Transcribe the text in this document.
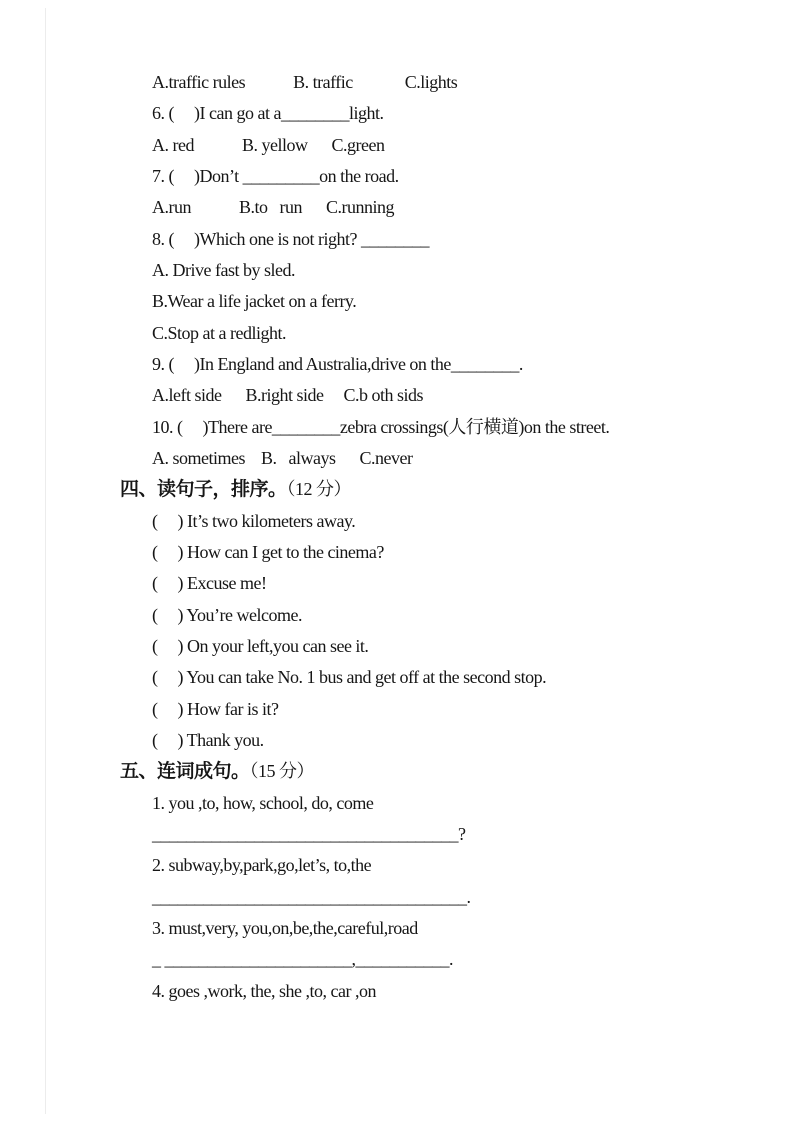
A.traffic rules            B. traffic             C.lights
6. (     )I can go at a________light.
A. red            B. yellow      C.green
7. (     )Don’t _________on the road.
A.run            B.to   run      C.running
8. (     )Which one is not right? ________
A. Drive fast by sled.
B.Wear a life jacket on a ferry.
C.Stop at a redlight.
9. (     )In England and Australia,drive on the________.
A.left side      B.right side     C.b oth sids
10. (     )There are________zebra crossings(人行横道)on the street.
A. sometimes    B.   always      C.never
四、读句子，排序。（12 分）
(     ) It’s two kilometers away.
(     ) How can I get to the cinema?
(     ) Excuse me!
(     ) You’re welcome.
(     ) On your left,you can see it.
(     ) You can take No. 1 bus and get off at the second stop.
(     ) How far is it?
(     ) Thank you.
五、连词成句。（15 分）
1. you ,to, how, school, do, come
____________________________________?
2. subway,by,park,go,let’s, to,the
_____________________________________.
3. must,very, you,on,be,the,careful,road
_ ______________________,___________.
4. goes ,work, the, she ,to, car ,on
